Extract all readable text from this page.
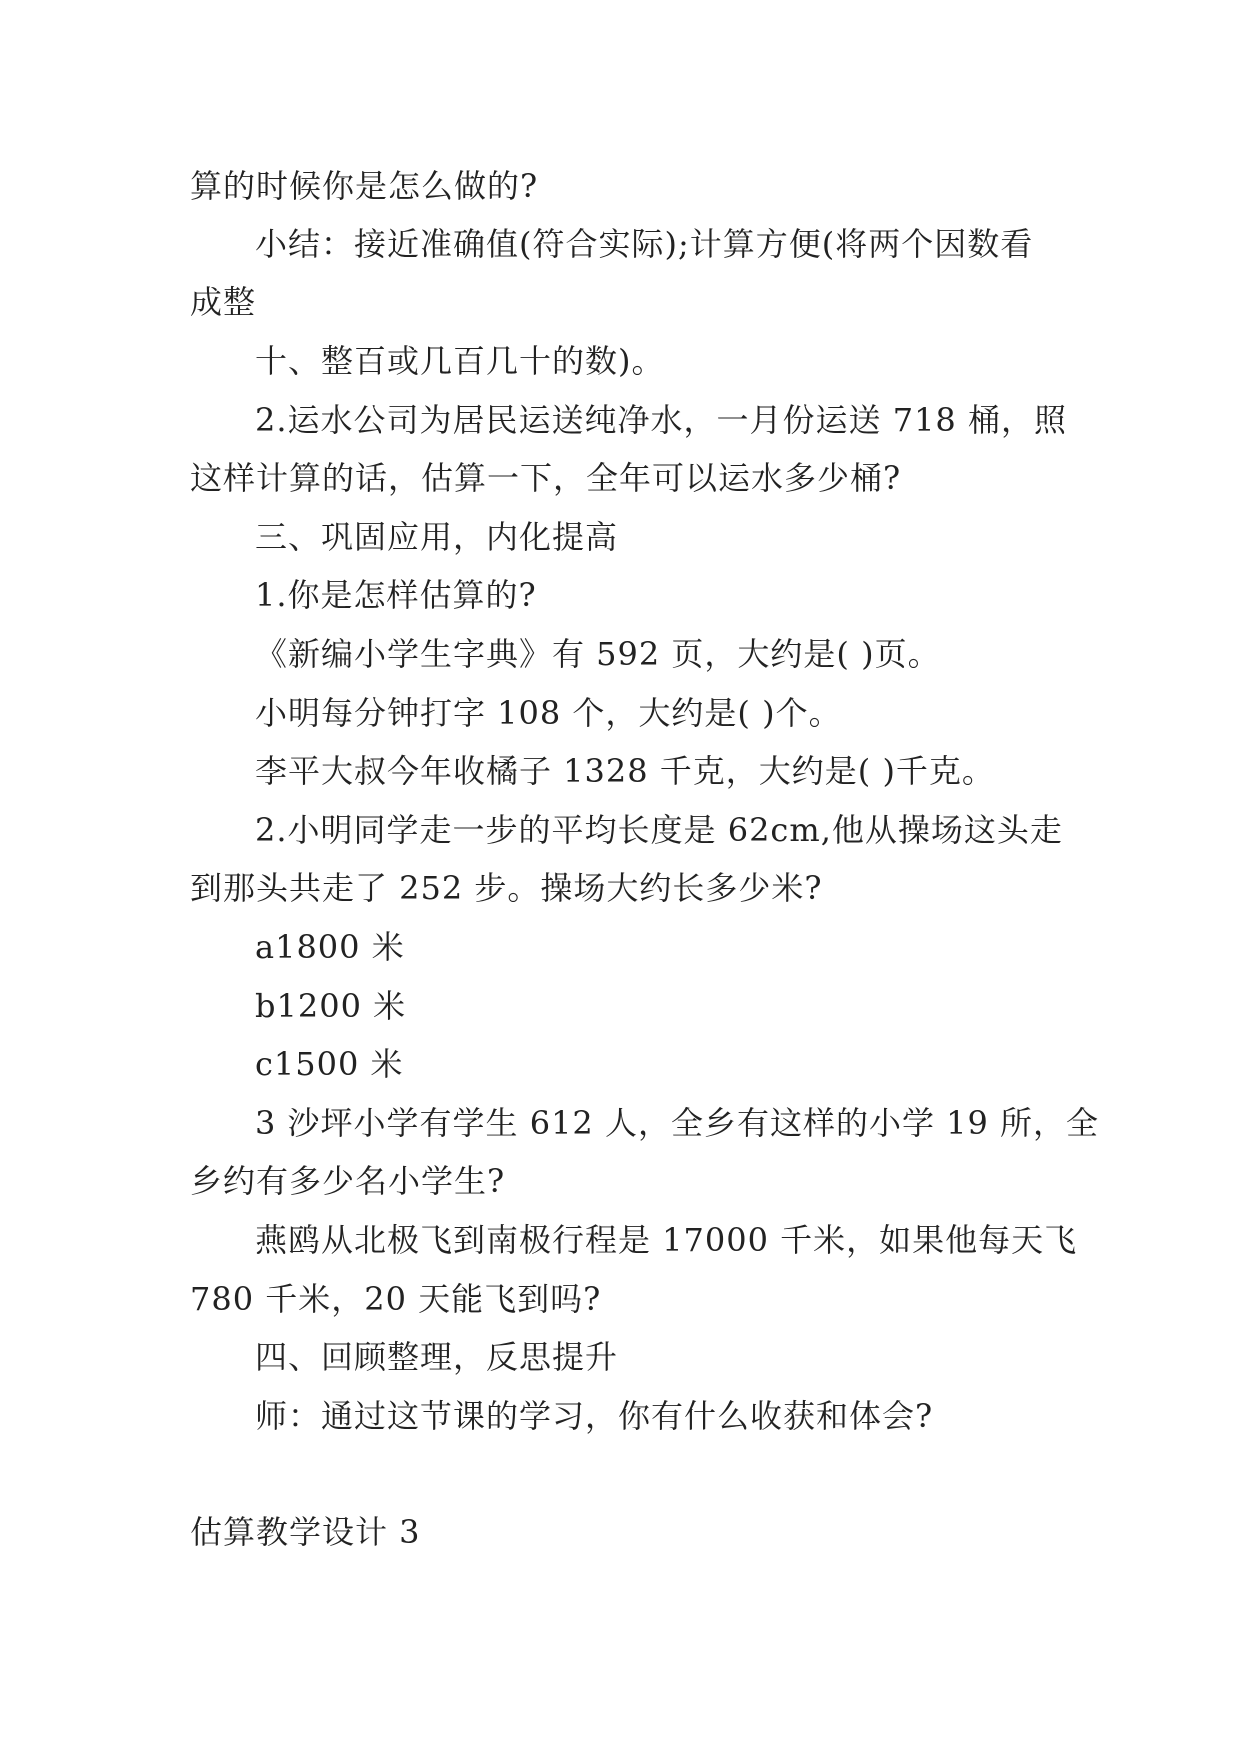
算的时候你是怎么做的?
小结：接近准确值(符合实际);计算方便(将两个因数看
成整
十、整百或几百几十的数)。
2.运水公司为居民运送纯净水，一月份运送 718 桶，照
这样计算的话，估算一下，全年可以运水多少桶?
三、巩固应用，内化提高
1.你是怎样估算的?
《新编小学生字典》有 592 页，大约是( )页。
小明每分钟打字 108 个，大约是( )个。
李平大叔今年收橘子 1328 千克，大约是( )千克。
2.小明同学走一步的平均长度是 62cm,他从操场这头走
到那头共走了 252 步。操场大约长多少米?
a1800 米
b1200 米
c1500 米
3 沙坪小学有学生 612 人，全乡有这样的小学 19 所，全
乡约有多少名小学生?
燕鸥从北极飞到南极行程是 17000 千米，如果他每天飞
780 千米，20 天能飞到吗?
四、回顾整理，反思提升
师：通过这节课的学习，你有什么收获和体会?
估算教学设计 3
